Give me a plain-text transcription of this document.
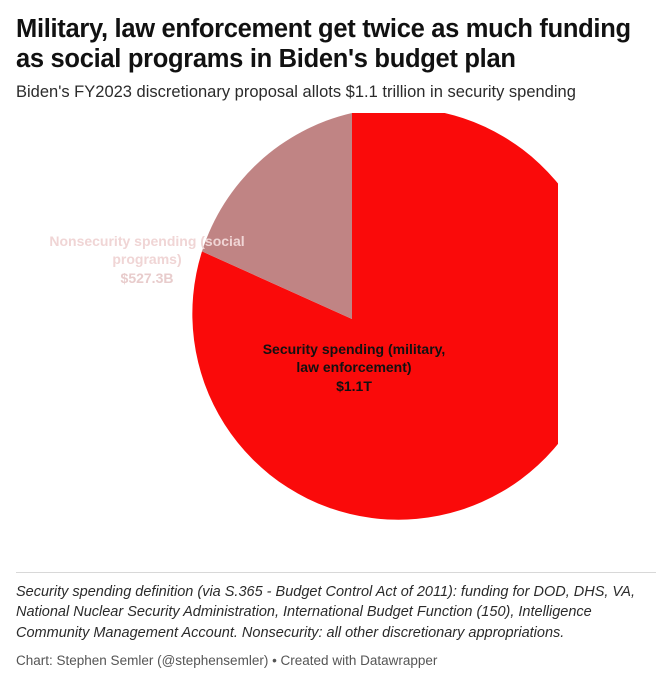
Military, law enforcement get twice as much funding as social programs in Biden's budget plan

Biden's FY2023 discretionary proposal allots $1.1 trillion in security spending

Nonsecurity spending (social programs)
$527.3B
Security spending (military, law enforcement)
$1.1T

Security spending definition (via S.365 - Budget Control Act of 2011): funding for DOD, DHS, VA, National Nuclear Security Administration, International Budget Function (150), Intelligence Community Management Account. Nonsecurity: all other discretionary appropriations.

Chart: Stephen Semler (@stephensemler) • Created with Datawrapper
